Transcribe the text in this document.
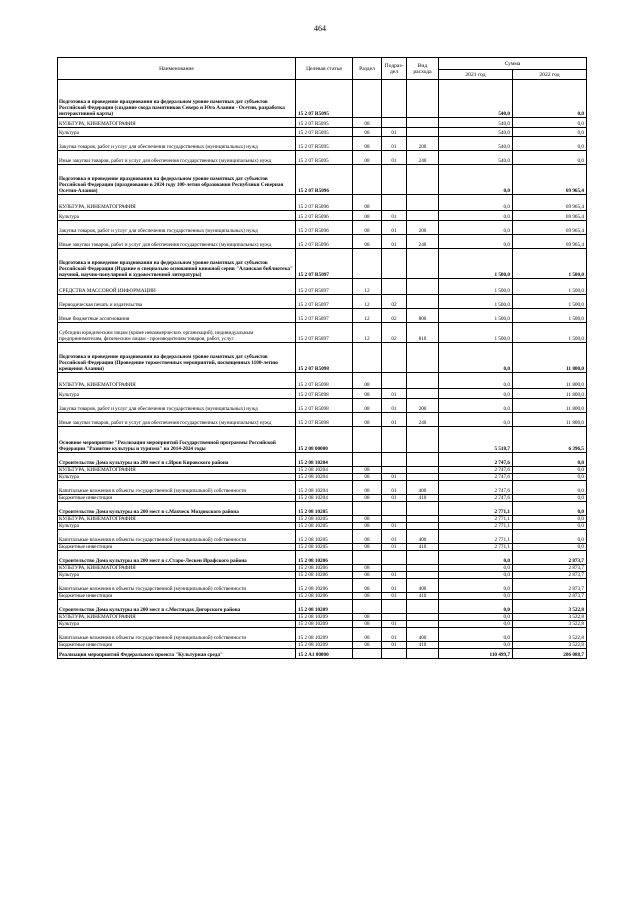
464
Наименование	Целевая статья	Раздел	Подраз-дел	Вид расхода	Сумма	
					2021 год	2022 год
Подготовка и проведение празднования на федеральном уровне памятных дат субъектов Российской Федерации (создание свода памятников Северо и Юго Алании - Осетии, разработка интерактивной карты)	15 2 07 R5095				540,0	0,0
КУЛЬТУРА, КИНЕМАТОГРАФИЯ	15 2 07 R5095	08			540,0	0,0
Культура	15 2 07 R5095	08	01		540,0	0,0
Закупка товаров, работ и услуг для обеспечения государственных (муниципальных) нужд	15 2 07 R5095	08	01	200	540,0	0,0
Иные закупки товаров, работ и услуг для обеспечения государственных (муниципальных) нужд	15 2 07 R5095	08	01	240	540,0	0,0
Подготовка и проведение празднования на федеральном уровне памятных дат субъектов Российской Федерации (празднование в 2024 году 100-летия образования Республики Северная Осетия-Алания)	15 2 07 R5096				0,0	69 965,4
КУЛЬТУРА, КИНЕМАТОГРАФИЯ	15 2 07 R5096	08			0,0	69 965,4
Культура	15 2 07 R5096	08	01		0,0	69 965,4
Закупка товаров, работ и услуг для обеспечения государственных (муниципальных) нужд	15 2 07 R5096	08	01	200	0,0	69 965,4
Иные закупки товаров, работ и услуг для обеспечения государственных (муниципальных) нужд	15 2 07 R5096	08	01	240	0,0	69 965,4
Подготовка и проведение празднования на федеральном уровне памятных дат субъектов Российской Федерации (Издание в специально основанной книжной серии "Аланская библиотека" научной, научно-популярной и художественной литературы)	15 2 07 R5097				1 500,0	1 500,0
СРЕДСТВА МАССОВОЙ ИНФОРМАЦИИ	15 2 07 R5097	12			1 500,0	1 500,0
Периодическая печать и издательства	15 2 07 R5097	12	02		1 500,0	1 500,0
Иные бюджетные ассигнования	15 2 07 R5097	12	02	800	1 500,0	1 500,0
Субсидии юридическим лицам (кроме некоммерческих организаций), индивидуальным предпринимателям, физическим лицам - производителям товаров, работ, услуг	15 2 07 R5097	12	02	810	1 500,0	1 500,0
Подготовка и проведение празднования на федеральном уровне памятных дат субъектов Российской Федерации (Проведение торжественных мероприятий, посвященных 1100-летию крещения Алании)	15 2 07 R5098				0,0	11 800,0
КУЛЬТУРА, КИНЕМАТОГРАФИЯ	15 2 07 R5098	08			0,0	11 800,0
Культура	15 2 07 R5098	08	01		0,0	11 800,0
Закупка товаров, работ и услуг для обеспечения государственных (муниципальных) нужд	15 2 07 R5098	08	01	200	0,0	11 800,0
Иные закупки товаров, работ и услуг для обеспечения государственных (муниципальных) нужд	15 2 07 R5098	08	01	240	0,0	11 800,0
Основное мероприятие "Реализация мероприятий Государственной программы Российской Федерации "Развитие культуры и туризма" на 2014-2024 годы	15 2 08 00000				5 518,7	6 396,5
Строительство Дома культуры на 200 мест в с.Ирон Кировского района	15 2 08 10204				2 747,6	0,0
КУЛЬТУРА, КИНЕМАТОГРАФИЯ	15 2 08 10204	08			2 747,6	0,0
Культура	15 2 08 10204	08	01		2 747,6	0,0
Капитальные вложения в объекты государственной (муниципальной) собственности	15 2 08 10204	08	01	400	2 747,6	0,0
Бюджетные инвестиции	15 2 08 10204	08	01	410	2 747,6	0,0
Строительство Дома культуры на 200 мест в с.Махческ Моздокского района	15 2 08 10205				2 771,1	0,0
КУЛЬТУРА, КИНЕМАТОГРАФИЯ	15 2 08 10205	08			2 771,1	0,0
Культура	15 2 08 10205	08	01		2 771,1	0,0
Капитальные вложения в объекты государственной (муниципальной) собственности	15 2 08 10205	08	01	400	2 771,1	0,0
Бюджетные инвестиции	15 2 08 10205	08	01	410	2 771,1	0,0
Строительство Дома культуры на 200 мест в с.Старо-Лескен Ирафского района	15 2 08 10206				0,0	2 873,7
КУЛЬТУРА, КИНЕМАТОГРАФИЯ	15 2 08 10206	08			0,0	2 873,7
Культура	15 2 08 10206	08	01		0,0	2 873,7
Капитальные вложения в объекты государственной (муниципальной) собственности	15 2 08 10206	08	01	400	0,0	2 873,7
Бюджетные инвестиции	15 2 08 10206	08	01	410	0,0	2 873,7
Строительство Дома культуры на 200 мест в с.Мостиздах Дигорского района	15 2 08 10209				0,0	3 522,8
КУЛЬТУРА, КИНЕМАТОГРАФИЯ	15 2 08 10209	08			0,0	3 522,8
Культура	15 2 08 10209	08	01		0,0	3 522,8
Капитальные вложения в объекты государственной (муниципальной) собственности	15 2 08 10209	08	01	400	0,0	3 522,8
Бюджетные инвестиции	15 2 08 10209	08	01	410	0,0	3 522,8
Реализация мероприятий Федерального проекта "Культурная среда"	15 2 A1 00000				110 499,7	206 088,7
